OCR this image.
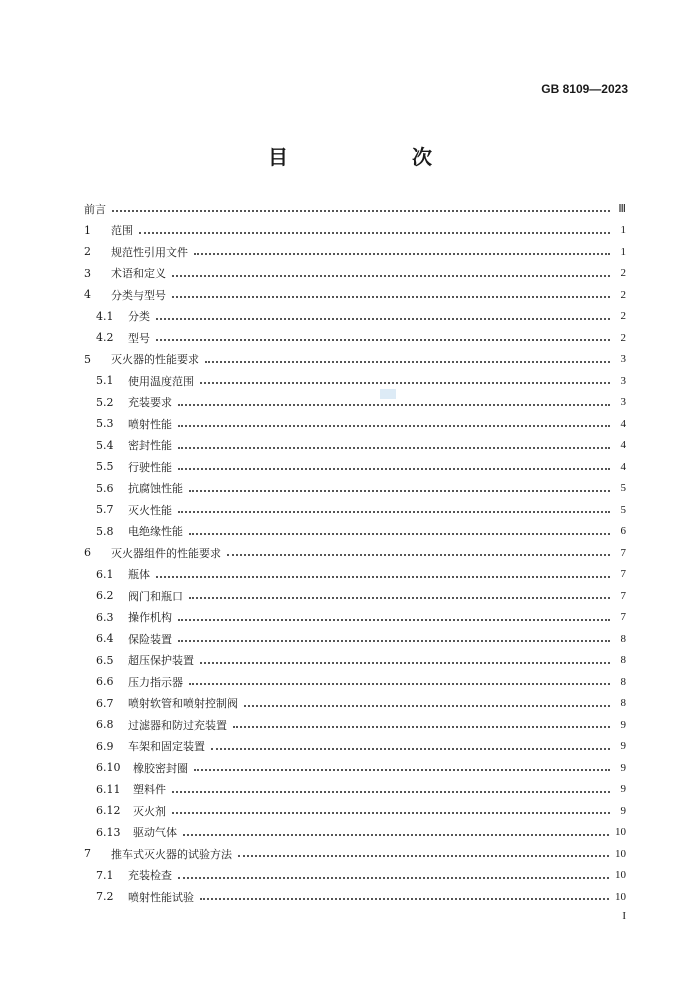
GB 8109—2023
目　　次
前言	Ⅲ
1	范围	1
2	规范性引用文件	1
3	术语和定义	2
4	分类与型号	2
4.1	分类	2
4.2	型号	2
5	灭火器的性能要求	3
5.1	使用温度范围	3
5.2	充装要求	3
5.3	喷射性能	4
5.4	密封性能	4
5.5	行驶性能	4
5.6	抗腐蚀性能	5
5.7	灭火性能	5
5.8	电绝缘性能	6
6	灭火器组件的性能要求	7
6.1	瓶体	7
6.2	阀门和瓶口	7
6.3	操作机构	7
6.4	保险装置	8
6.5	超压保护装置	8
6.6	压力指示器	8
6.7	喷射软管和喷射控制阀	8
6.8	过滤器和防过充装置	9
6.9	车架和固定装置	9
6.10	橡胶密封圈	9
6.11	塑料件	9
6.12	灭火剂	9
6.13	驱动气体	10
7	推车式灭火器的试验方法	10
7.1	充装检查	10
7.2	喷射性能试验	10
I
